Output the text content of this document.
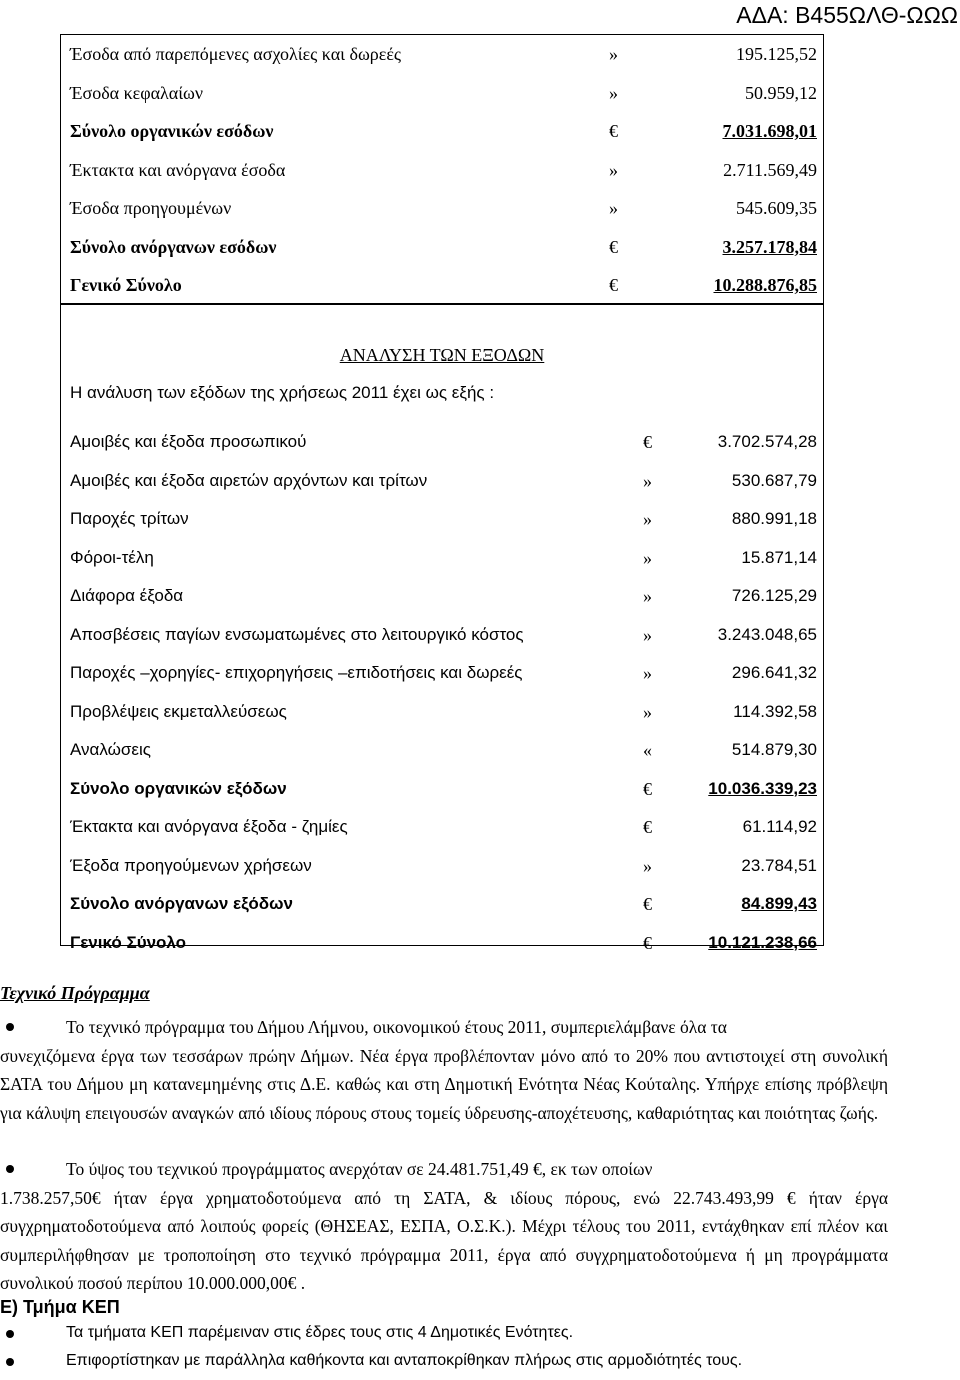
ΑΔΑ: Β455ΩΛΘ-ΩΩΩ
Έσοδα από παρεπόμενες ασχολίες και δωρεές	»	195.125,52
Έσοδα κεφαλαίων	»	50.959,12
Σύνολο οργανικών εσόδων	€	7.031.698,01
Έκτακτα και ανόργανα έσοδα	»	2.711.569,49
Έσοδα προηγουμένων	»	545.609,35
Σύνολο ανόργανων εσόδων	€	3.257.178,84
Γενικό Σύνολο	€	10.288.876,85
ΑΝΑΛΥΣΗ ΤΩΝ ΕΞΟΔΩΝ
Η ανάλυση των εξόδων της χρήσεως 2011 έχει ως εξής :
Αμοιβές και έξοδα προσωπικού	€	3.702.574,28
Αμοιβές και έξοδα αιρετών αρχόντων και τρίτων	»	530.687,79
Παροχές τρίτων	»	880.991,18
Φόροι-τέλη	»	15.871,14
Διάφορα έξοδα	»	726.125,29
Αποσβέσεις παγίων ενσωματωμένες στο λειτουργικό κόστος	»	3.243.048,65
Παροχές –χορηγίες- επιχορηγήσεις –επιδοτήσεις και δωρεές	»	296.641,32
Προβλέψεις εκμεταλλεύσεως	»	114.392,58
Αναλώσεις	«	514.879,30
Σύνολο οργανικών εξόδων	€	10.036.339,23
Έκτακτα και ανόργανα έξοδα - ζημίες	€	61.114,92
Έξοδα προηγούμενων χρήσεων	»	23.784,51
Σύνολο ανόργανων εξόδων	€	84.899,43
Γενικό Σύνολο	€	10.121.238,66
Τεχνικό Πρόγραμμα
Το τεχνικό πρόγραμμα του Δήμου Λήμνου, οικονομικού έτους 2011, συμπεριελάμβανε όλα τα
συνεχιζόμενα έργα των τεσσάρων πρώην Δήμων. Νέα έργα προβλέπονταν μόνο από το 20% που αντιστοιχεί στη συνολική ΣΑΤΑ του Δήμου μη κατανεμημένης στις Δ.Ε. καθώς και στη Δημοτική Ενότητα Νέας Κούταλης. Υπήρχε επίσης πρόβλεψη για κάλυψη επειγουσών αναγκών από ιδίους πόρους στους τομείς ύδρευσης-αποχέτευσης, καθαριότητας και ποιότητας ζωής.
Το ύψος του τεχνικού προγράμματος ανερχόταν σε 24.481.751,49 €, εκ των οποίων
1.738.257,50€ ήταν έργα χρηματοδοτούμενα από τη ΣΑΤΑ, & ιδίους πόρους, ενώ 22.743.493,99 € ήταν έργα συγχρηματοδοτούμενα από λοιπούς φορείς (ΘΗΣΕΑΣ, ΕΣΠΑ, Ο.Σ.Κ.). Μέχρι τέλους του 2011, εντάχθηκαν επί πλέον και συμπεριλήφθησαν με τροποποίηση στο τεχνικό πρόγραμμα 2011, έργα από συγχρηματοδοτούμενα ή μη προγράμματα συνολικού ποσού περίπου 10.000.000,00€ .
Ε) Τμήμα ΚΕΠ
Τα τμήματα ΚΕΠ παρέμειναν στις έδρες τους στις 4 Δημοτικές Ενότητες.
Επιφορτίστηκαν με παράλληλα καθήκοντα και ανταποκρίθηκαν πλήρως στις αρμοδιότητές τους.
